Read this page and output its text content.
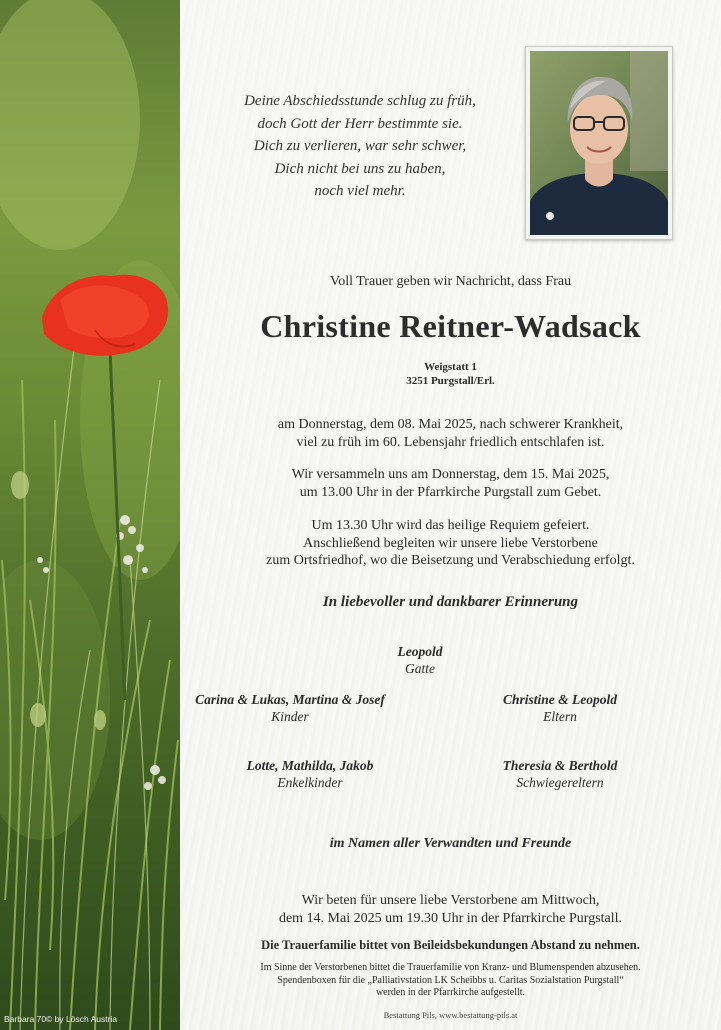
Barbara 70© by Lösch Austria
Deine Abschiedsstunde schlug zu früh,
doch Gott der Herr bestimmte sie.
Dich zu verlieren, war sehr schwer,
Dich nicht bei uns zu haben,
noch viel mehr.
Voll Trauer geben wir Nachricht, dass Frau
Christine Reitner-Wadsack
Weigstatt 1
3251 Purgstall/Erl.
am Donnerstag, dem 08. Mai 2025, nach schwerer Krankheit,
viel zu früh im 60. Lebensjahr friedlich entschlafen ist.
Wir versammeln uns am Donnerstag, dem 15. Mai 2025,
um 13.00 Uhr in der Pfarrkirche Purgstall zum Gebet.
Um 13.30 Uhr wird das heilige Requiem gefeiert.
Anschließend begleiten wir unsere liebe Verstorbene
zum Ortsfriedhof, wo die Beisetzung und Verabschiedung erfolgt.
In liebevoller und dankbarer Erinnerung
Leopold
Gatte
Carina & Lukas, Martina & Josef
Kinder
Christine & Leopold
Eltern
Lotte, Mathilda, Jakob
Enkelkinder
Theresia & Berthold
Schwiegereltern
im Namen aller Verwandten und Freunde
Wir beten für unsere liebe Verstorbene am Mittwoch,
dem 14. Mai 2025 um 19.30 Uhr in der Pfarrkirche Purgstall.
Die Trauerfamilie bittet von Beileidsbekundungen Abstand zu nehmen.
Im Sinne der Verstorbenen bittet die Trauerfamilie von Kranz- und Blumenspenden abzusehen.
Spendenboxen für die „Palliativstation LK Scheibbs u. Caritas Sozialstation Purgstall“
werden in der Pfarrkirche aufgestellt.
Bestattung Pils, www.bestattung-pils.at
